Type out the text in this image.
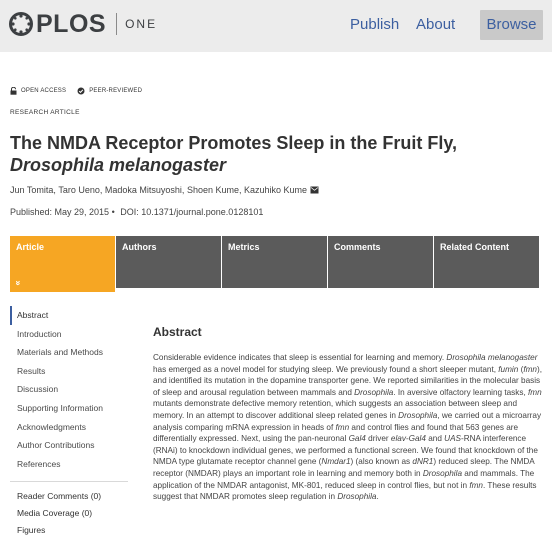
PLOS ONE	Publish About	Browse
OPEN ACCESS	PEER-REVIEWED
RESEARCH ARTICLE
The NMDA Receptor Promotes Sleep in the Fruit Fly, Drosophila melanogaster
Jun Tomita, Taro Ueno, Madoka Mitsuyoshi, Shoen Kume, Kazuhiko Kume
Published: May 29, 2015 • DOI: 10.1371/journal.pone.0128101
Article
»
Authors	Metrics	Comments	Related Content
Abstract
Introduction
Materials and Methods
Results
Discussion
Supporting Information
Acknowledgments
Author Contributions
References
Reader Comments (0)
Media Coverage (0)
Figures
Abstract

Considerable evidence indicates that sleep is essential for learning and memory. Drosophila melanogaster has emerged as a novel model for studying sleep. We previously found a short sleeper mutant, fumin (fmn), and identified its mutation in the dopamine transporter gene. We reported similarities in the molecular basis of sleep and arousal regulation between mammals and Drosophila. In aversive olfactory learning tasks, fmn mutants demonstrate defective memory retention, which suggests an association between sleep and memory. In an attempt to discover additional sleep related genes in Drosophila, we carried out a microarray analysis comparing mRNA expression in heads of fmn and control flies and found that 563 genes are differentially expressed. Next, using the pan-neuronal Gal4 driver elav-Gal4 and UAS-RNA interference (RNAi) to knockdown individual genes, we performed a functional screen. We found that knockdown of the NMDA type glutamate receptor channel gene (Nmdar1) (also known as dNR1) reduced sleep. The NMDA receptor (NMDAR) plays an important role in learning and memory both in Drosophila and mammals. The application of the NMDAR antagonist, MK-801, reduced sleep in control flies, but not in fmn. These results suggest that NMDAR promotes sleep regulation in Drosophila.
